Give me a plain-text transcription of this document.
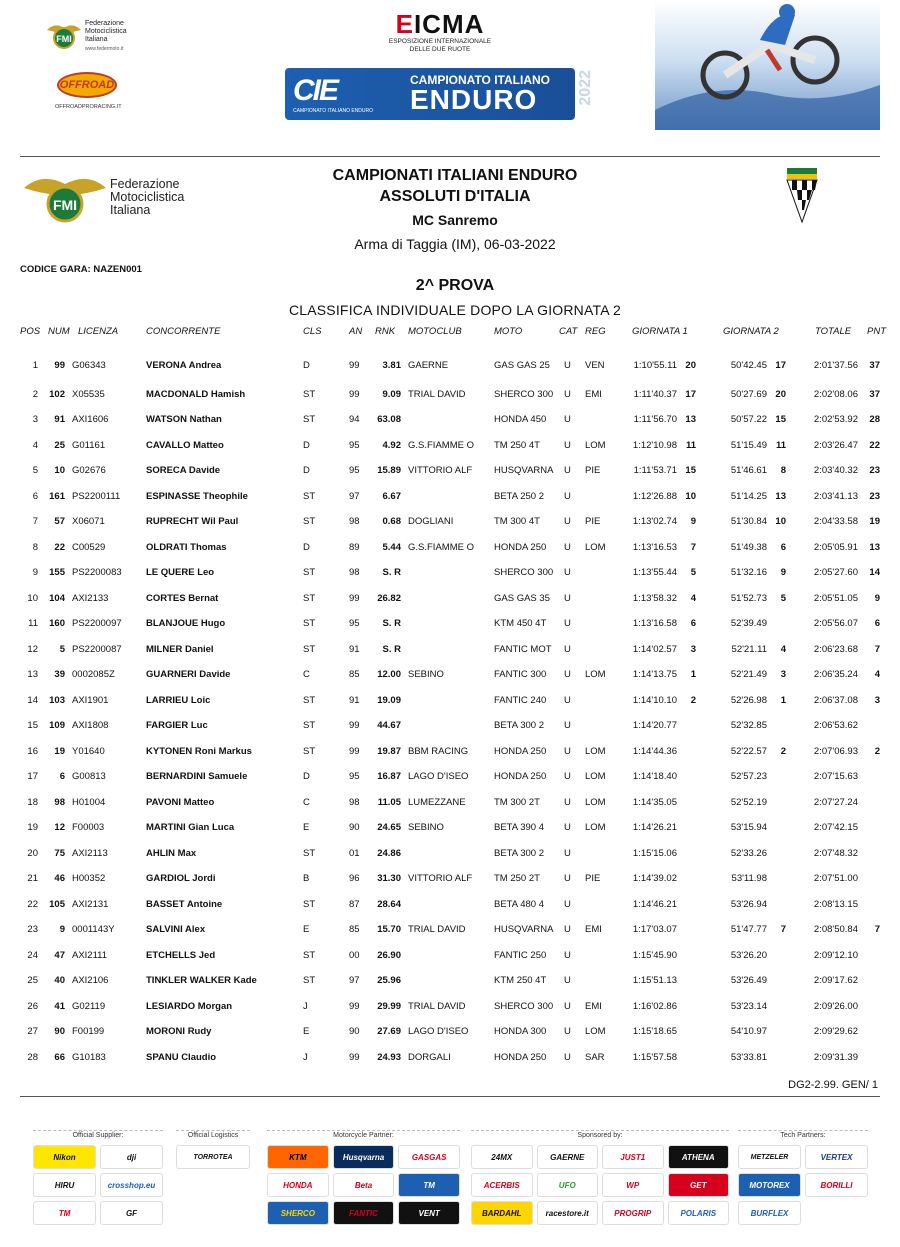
FMI
Federazione
Motociclistica
Italiana
www.federmoto.it
OFFROAD
OFFROADPRORACING.IT
EICMA
ESPOSIZIONE INTERNAZIONALE
DELLE DUE RUOTE
CIE
CAMPIONATO ITALIANO ENDURO
CAMPIONATO ITALIANO
ENDURO 2022
FMI
Federazione
Motociclistica
Italiana
CAMPIONATI ITALIANI ENDURO
ASSOLUTI D'ITALIA
MC Sanremo
Arma di Taggia (IM), 06-03-2022
CODICE GARA: NAZEN001
2^ PROVA
CLASSIFICA INDIVIDUALE DOPO LA GIORNATA 2
POS NUM LICENZA	CONCORRENTE	CLS	AN RNK MOTOCLUB	MOTO	CAT REG	GIORNATA 1	GIORNATA 2	TOTALE PNT
1	99 G06343	VERONA Andrea	D	99	3.81 GAERNE	GAS GAS 25	U	VEN	1:10'55.11 20	50'42.45 17	2:01'37.56	37
2	102 X05535	MACDONALD Hamish	ST	99	9.09 TRIAL DAVID	SHERCO 300	U	EMI	1:11'40.37 17	50'27.69 20	2:02'08.06	37
3	91 AXI1606	WATSON Nathan	ST	94	63.08	HONDA 450	U	1:11'56.70 13	50'57.22 15	2:02'53.92	28
4	25 G01161	CAVALLO Matteo	D	95	4.92 G.S.FIAMME O	TM 250 4T	U	LOM	1:12'10.98 11	51'15.49 11	2:03'26.47	22
5	10 G02676	SORECA Davide	D	95	15.89 VITTORIO ALF	HUSQVARNA	U	PIE	1:11'53.71 15	51'46.61	8	2:03'40.32	23
6	161 PS2200111	ESPINASSE Theophile	ST	97	6.67	BETA 250 2	U	1:12'26.88 10	51'14.25 13	2:03'41.13	23
7	57 X06071	RUPRECHT Wil Paul	ST	98	0.68 DOGLIANI	TM 300 4T	U	PIE	1:13'02.74	9	51'30.84 10	2:04'33.58	19
8	22 C00529	OLDRATI Thomas	D	89	5.44 G.S.FIAMME O	HONDA 250	U	LOM	1:13'16.53	7	51'49.38	6	2:05'05.91	13
9	155 PS2200083	LE QUERE Leo	ST	98	S. R	SHERCO 300	U	1:13'55.44	5	51'32.16	9	2:05'27.60	14
10	104 AXI2133	CORTES Bernat	ST	99	26.82	GAS GAS 35	U	1:13'58.32	4	51'52.73	5	2:05'51.05	9
11	160 PS2200097	BLANJOUE Hugo	ST	95	S. R	KTM 450 4T	U	1:13'16.58	6	52'39.49	2:05'56.07	6
12	5 PS2200087	MILNER Daniel	ST	91	S. R	FANTIC MOT	U	1:14'02.57	3	52'21.11	4	2:06'23.68	7
13	39 0002085Z	GUARNERI Davide	C	85	12.00 SEBINO	FANTIC 300	U	LOM	1:14'13.75	1	52'21.49	3	2:06'35.24	4
14	103 AXI1901	LARRIEU Loic	ST	91	19.09	FANTIC 240	U	1:14'10.10	2	52'26.98	1	2:06'37.08	3
15	109 AXI1808	FARGIER Luc	ST	99	44.67	BETA 300 2	U	1:14'20.77	52'32.85	2:06'53.62
16	19 Y01640	KYTONEN Roni Markus	ST	99	19.87 BBM RACING	HONDA 250	U	LOM	1:14'44.36	52'22.57	2	2:07'06.93	2
17	6 G00813	BERNARDINI Samuele	D	95	16.87 LAGO D'ISEO	HONDA 250	U	LOM	1:14'18.40	52'57.23	2:07'15.63
18	98 H01004	PAVONI Matteo	C	98	11.05 LUMEZZANE	TM 300 2T	U	LOM	1:14'35.05	52'52.19	2:07'27.24
19	12 F00003	MARTINI Gian Luca	E	90	24.65 SEBINO	BETA 390 4	U	LOM	1:14'26.21	53'15.94	2:07'42.15
20	75 AXI2113	AHLIN Max	ST	01	24.86	BETA 300 2	U	1:15'15.06	52'33.26	2:07'48.32
21	46 H00352	GARDIOL Jordi	B	96	31.30 VITTORIO ALF	TM 250 2T	U	PIE	1:14'39.02	53'11.98	2:07'51.00
22	105 AXI2131	BASSET Antoine	ST	87	28.64	BETA 480 4	U	1:14'46.21	53'26.94	2:08'13.15
23	9 0001143Y	SALVINI Alex	E	85	15.70 TRIAL DAVID	HUSQVARNA	U	EMI	1:17'03.07	51'47.77	7	2:08'50.84	7
24	47 AXI2111	ETCHELLS Jed	ST	00	26.90	FANTIC 250	U	1:15'45.90	53'26.20	2:09'12.10
25	40 AXI2106	TINKLER WALKER Kade	ST	97	25.96	KTM 250 4T	U	1:15'51.13	53'26.49	2:09'17.62
26	41 G02119	LESIARDO Morgan	J	99	29.99 TRIAL DAVID	SHERCO 300	U	EMI	1:16'02.86	53'23.14	2:09'26.00
27	90 F00199	MORONI Rudy	E	90	27.69 LAGO D'ISEO	HONDA 300	U	LOM	1:15'18.65	54'10.97	2:09'29.62
28	66 G10183	SPANU Claudio	J	99	24.93 DORGALI	HONDA 250	U	SAR	1:15'57.58	53'33.81	2:09'31.39
DG2-2.99. GEN/ 1
Official Supplier:
Nikon	dji
HIRU	crosshop.eu
TM	GF
Official Logistics
TORROTEA
Motorcycle Partner:
KTM	Husqvarna	GASGAS
HONDA	Beta	TM
SHERCO	FANTIC	VENT
Sponsored by:
24MX	GAERNE	JUST1	ATHENA
ACERBIS	UFO	WP	GET
BARDAHL	racestore.it	PROGRIP	POLARIS
Tech Partners:
METZELER	VERTEX
MOTOREX	BORILLI
BURFLEX
